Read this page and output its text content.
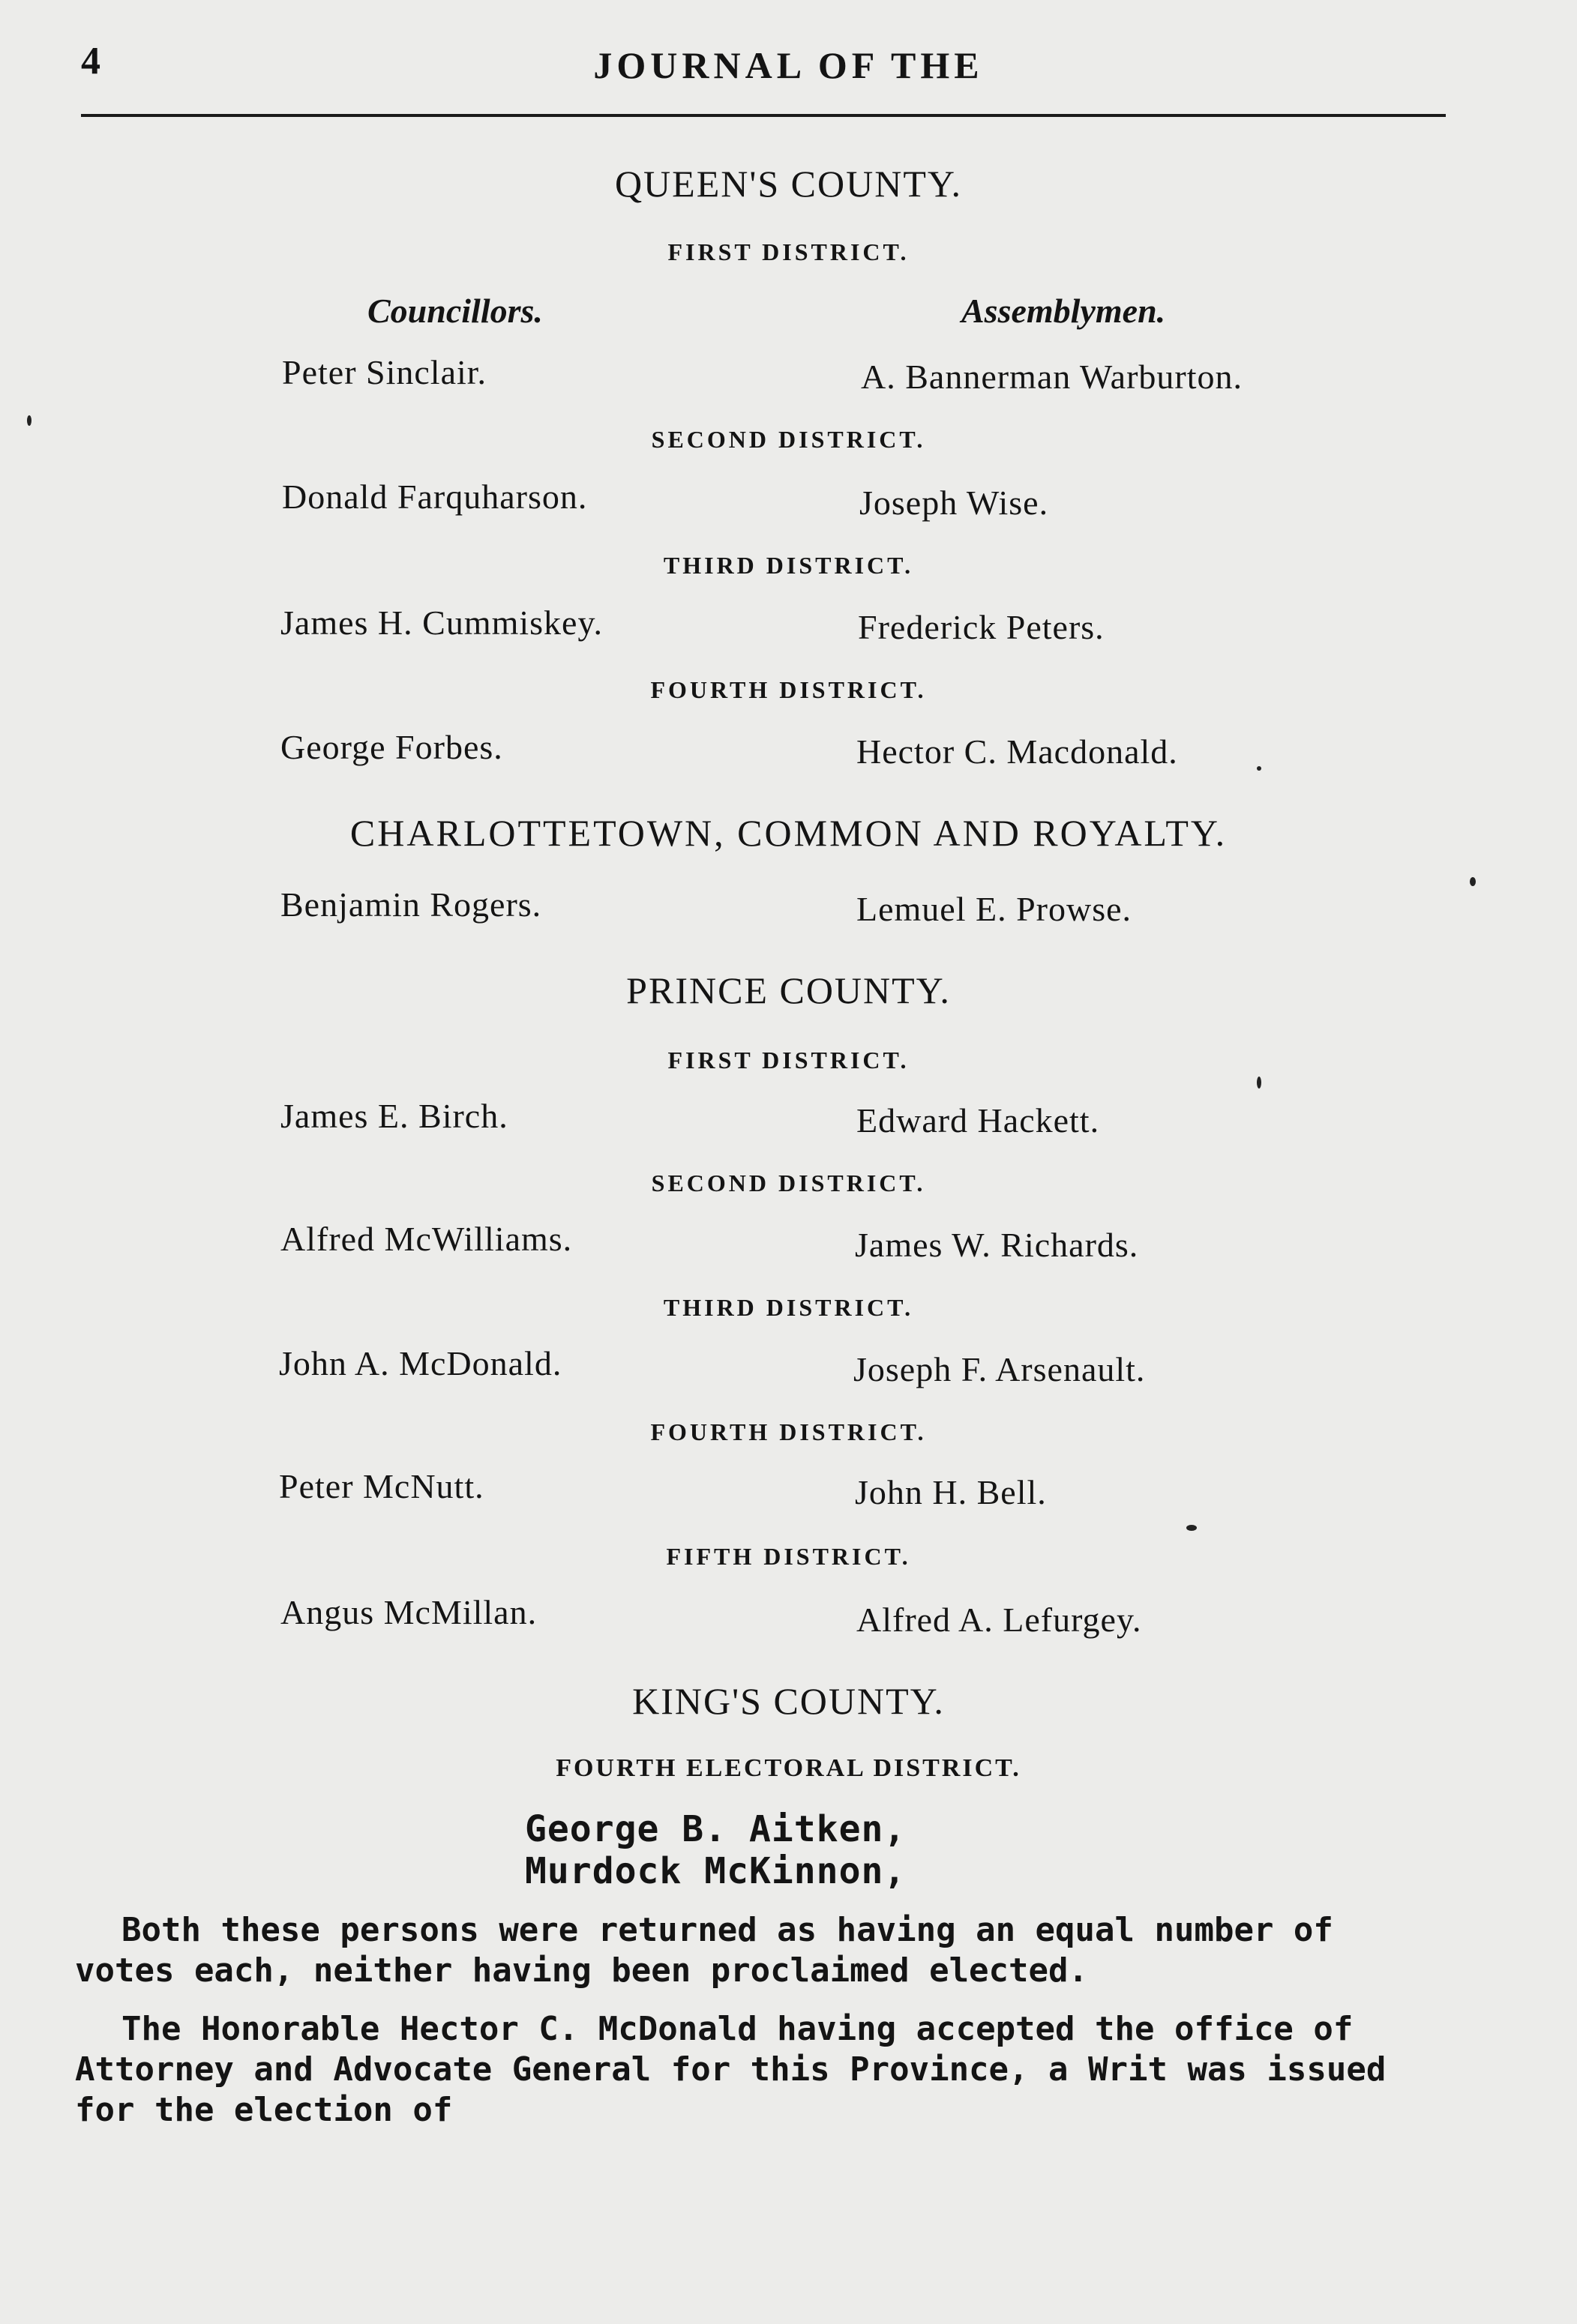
4	JOURNAL OF THE
QUEEN'S COUNTY.
FIRST DISTRICT.
Councillors.	Assemblymen.
Peter Sinclair.	A. Bannerman Warburton.
SECOND DISTRICT.
Donald Farquharson.	Joseph Wise.
THIRD DISTRICT.
James H. Cummiskey.	Frederick Peters.
FOURTH DISTRICT.
George Forbes.	Hector C. Macdonald.
CHARLOTTETOWN, COMMON AND ROYALTY.
Benjamin Rogers.	Lemuel E. Prowse.
PRINCE COUNTY.
FIRST DISTRICT.
James E. Birch.	Edward Hackett.
SECOND DISTRICT.
Alfred McWilliams.	James W. Richards.
THIRD DISTRICT.
John A. McDonald.	Joseph F. Arsenault.
FOURTH DISTRICT.
Peter McNutt.	John H. Bell.
FIFTH DISTRICT.
Angus McMillan.	Alfred A. Lefurgey.
KING'S COUNTY.
FOURTH ELECTORAL DISTRICT.
George B. Aitken,
Murdock McKinnon,
Both these persons were returned as having an equal number of votes each, neither having been proclaimed elected.
The Honorable Hector C. McDonald having accepted the office of Attorney and Advocate General for this Province, a Writ was issued for the election of
